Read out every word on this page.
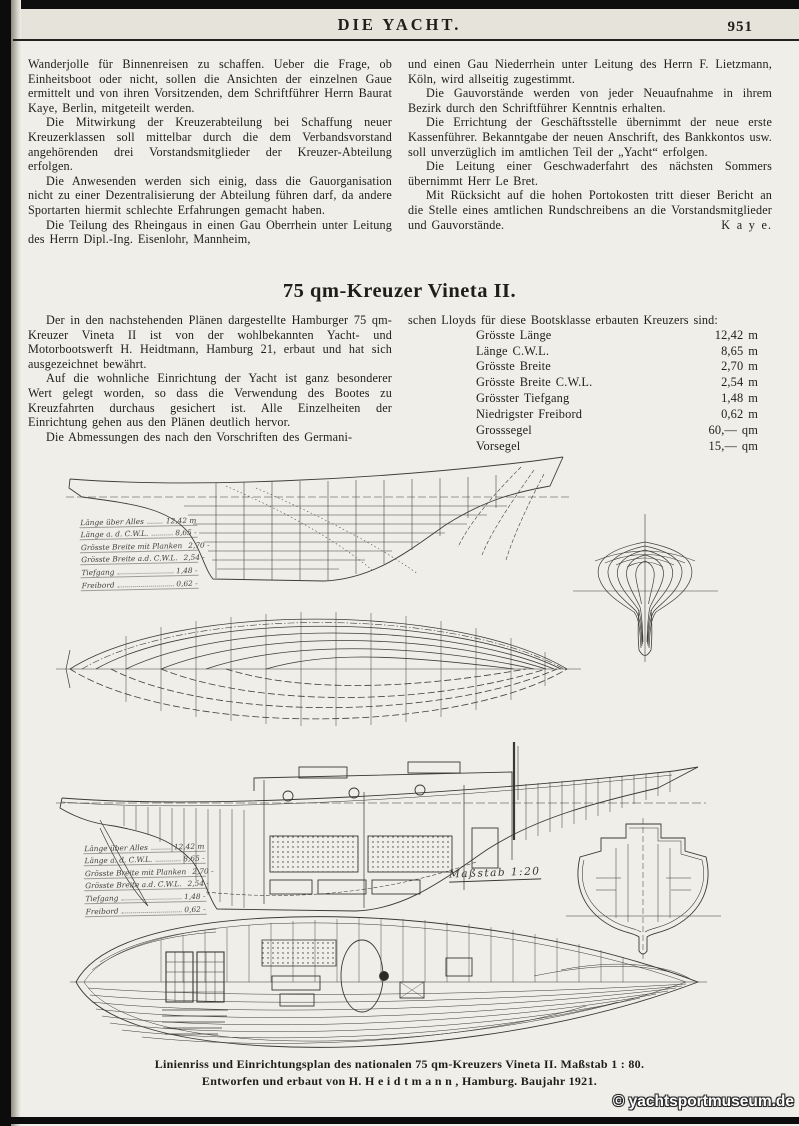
DIE YACHT.	951

Wanderjolle für Binnenreisen zu schaffen. Ueber die Frage, ob Einheitsboot oder nicht, sollen die Ansichten der einzelnen Gaue ermittelt und von ihren Vorsitzenden, dem Schriftführer Herrn Baurat Kaye, Berlin, mitgeteilt werden.

Die Mitwirkung der Kreuzerabteilung bei Schaffung neuer Kreuzerklassen soll mittelbar durch die dem Verbandsvorstand angehörenden drei Vorstandsmitglieder der Kreuzer-Abteilung erfolgen.

Die Anwesenden werden sich einig, dass die Gauorganisation nicht zu einer Dezentralisierung der Abteilung führen darf, da andere Sportarten hiermit schlechte Erfahrungen gemacht haben.

Die Teilung des Rheingaus in einen Gau Oberrhein unter Leitung des Herrn Dipl.-Ing. Eisenlohr, Mannheim,

und einen Gau Niederrhein unter Leitung des Herrn F. Lietzmann, Köln, wird allseitig zugestimmt.

Die Gauvorstände werden von jeder Neuaufnahme in ihrem Bezirk durch den Schriftführer Kenntnis erhalten.

Die Errichtung der Geschäftsstelle übernimmt der neue erste Kassenführer. Bekanntgabe der neuen Anschrift, des Bankkontos usw. soll unverzüglich im amtlichen Teil der „Yacht“ erfolgen.

Die Leitung einer Geschwaderfahrt des nächsten Sommers übernimmt Herr Le Bret.

Mit Rücksicht auf die hohen Portokosten tritt dieser Bericht an die Stelle eines amtlichen Rundschreibens an die Vorstandsmitglieder und Gauvorstände.	K a y e.

75 qm-Kreuzer Vineta II.

Der in den nachstehenden Plänen dargestellte Hamburger 75 qm-Kreuzer Vineta II ist von der wohlbekannten Yacht- und Motorbootswerft H. Heidtmann, Hamburg 21, erbaut und hat sich ausgezeichnet bewährt.

Auf die wohnliche Einrichtung der Yacht ist ganz besonderer Wert gelegt worden, so dass die Verwendung des Bootes zu Kreuzfahrten durchaus gesichert ist. Alle Einzelheiten der Einrichtung gehen aus den Plänen deutlich hervor.

Die Abmessungen des nach den Vorschriften des Germani-

schen Lloyds für diese Bootsklasse erbauten Kreuzers sind:

Grösste Länge	12,42 m
Länge C.W.L.	8,65 m
Grösste Breite	2,70 m
Grösste Breite C.W.L.	2,54 m
Grösster Tiefgang	1,48 m
Niedrigster Freibord	0,62 m
Grosssegel	60,— qm
Vorsegel	15,— qm
Länge über Alles	12,42 m
Länge a. d. C.W.L.	8,65 -
Grösste Breite mit Planken 2,70 -
Grösste Breite a.d. C.W.L. 2,54 -
Tiefgang	1,48 -
Freibord	0,62 -
Länge über Alles	12,42 m
Länge a. d. C.W.L.	8,65 -
Grösste Breite mit Planken 2,70 -
Grösste Breite a.d. C.W.L. 2,54 -
Tiefgang	1,48 -
Freibord	0,62 -
Maßstab 1:20
Linienriss und Einrichtungsplan des nationalen 75 qm-Kreuzers Vineta II. Maßstab 1 : 80.
Entworfen und erbaut von H. H e i d t m a n n , Hamburg. Baujahr 1921.
© yachtsportmuseum.de
